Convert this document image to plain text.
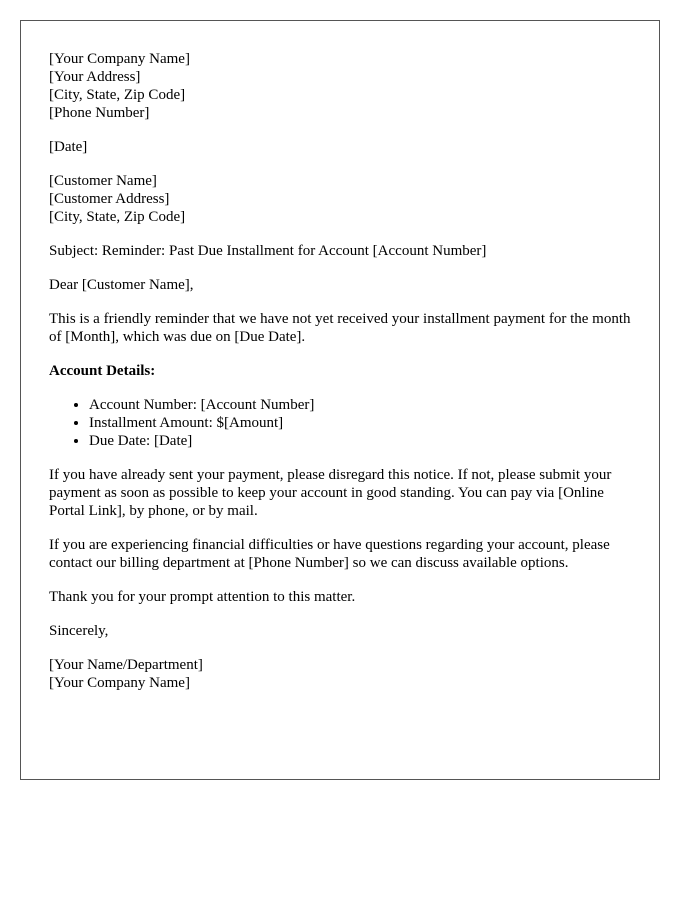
[Your Company Name]
[Your Address]
[City, State, Zip Code]
[Phone Number]
[Date]
[Customer Name]
[Customer Address]
[City, State, Zip Code]

Subject: Reminder: Past Due Installment for Account [Account Number]

Dear [Customer Name],

This is a friendly reminder that we have not yet received your installment payment for the month of [Month], which was due on [Due Date].

Account Details:
• Account Number: [Account Number]
• Installment Amount: $[Amount]
• Due Date: [Date]

If you have already sent your payment, please disregard this notice. If not, please submit your payment as soon as possible to keep your account in good standing. You can pay via [Online Portal Link], by phone, or by mail.

If you are experiencing financial difficulties or have questions regarding your account, please contact our billing department at [Phone Number] so we can discuss available options.

Thank you for your prompt attention to this matter.

Sincerely,

[Your Name/Department]
[Your Company Name]
